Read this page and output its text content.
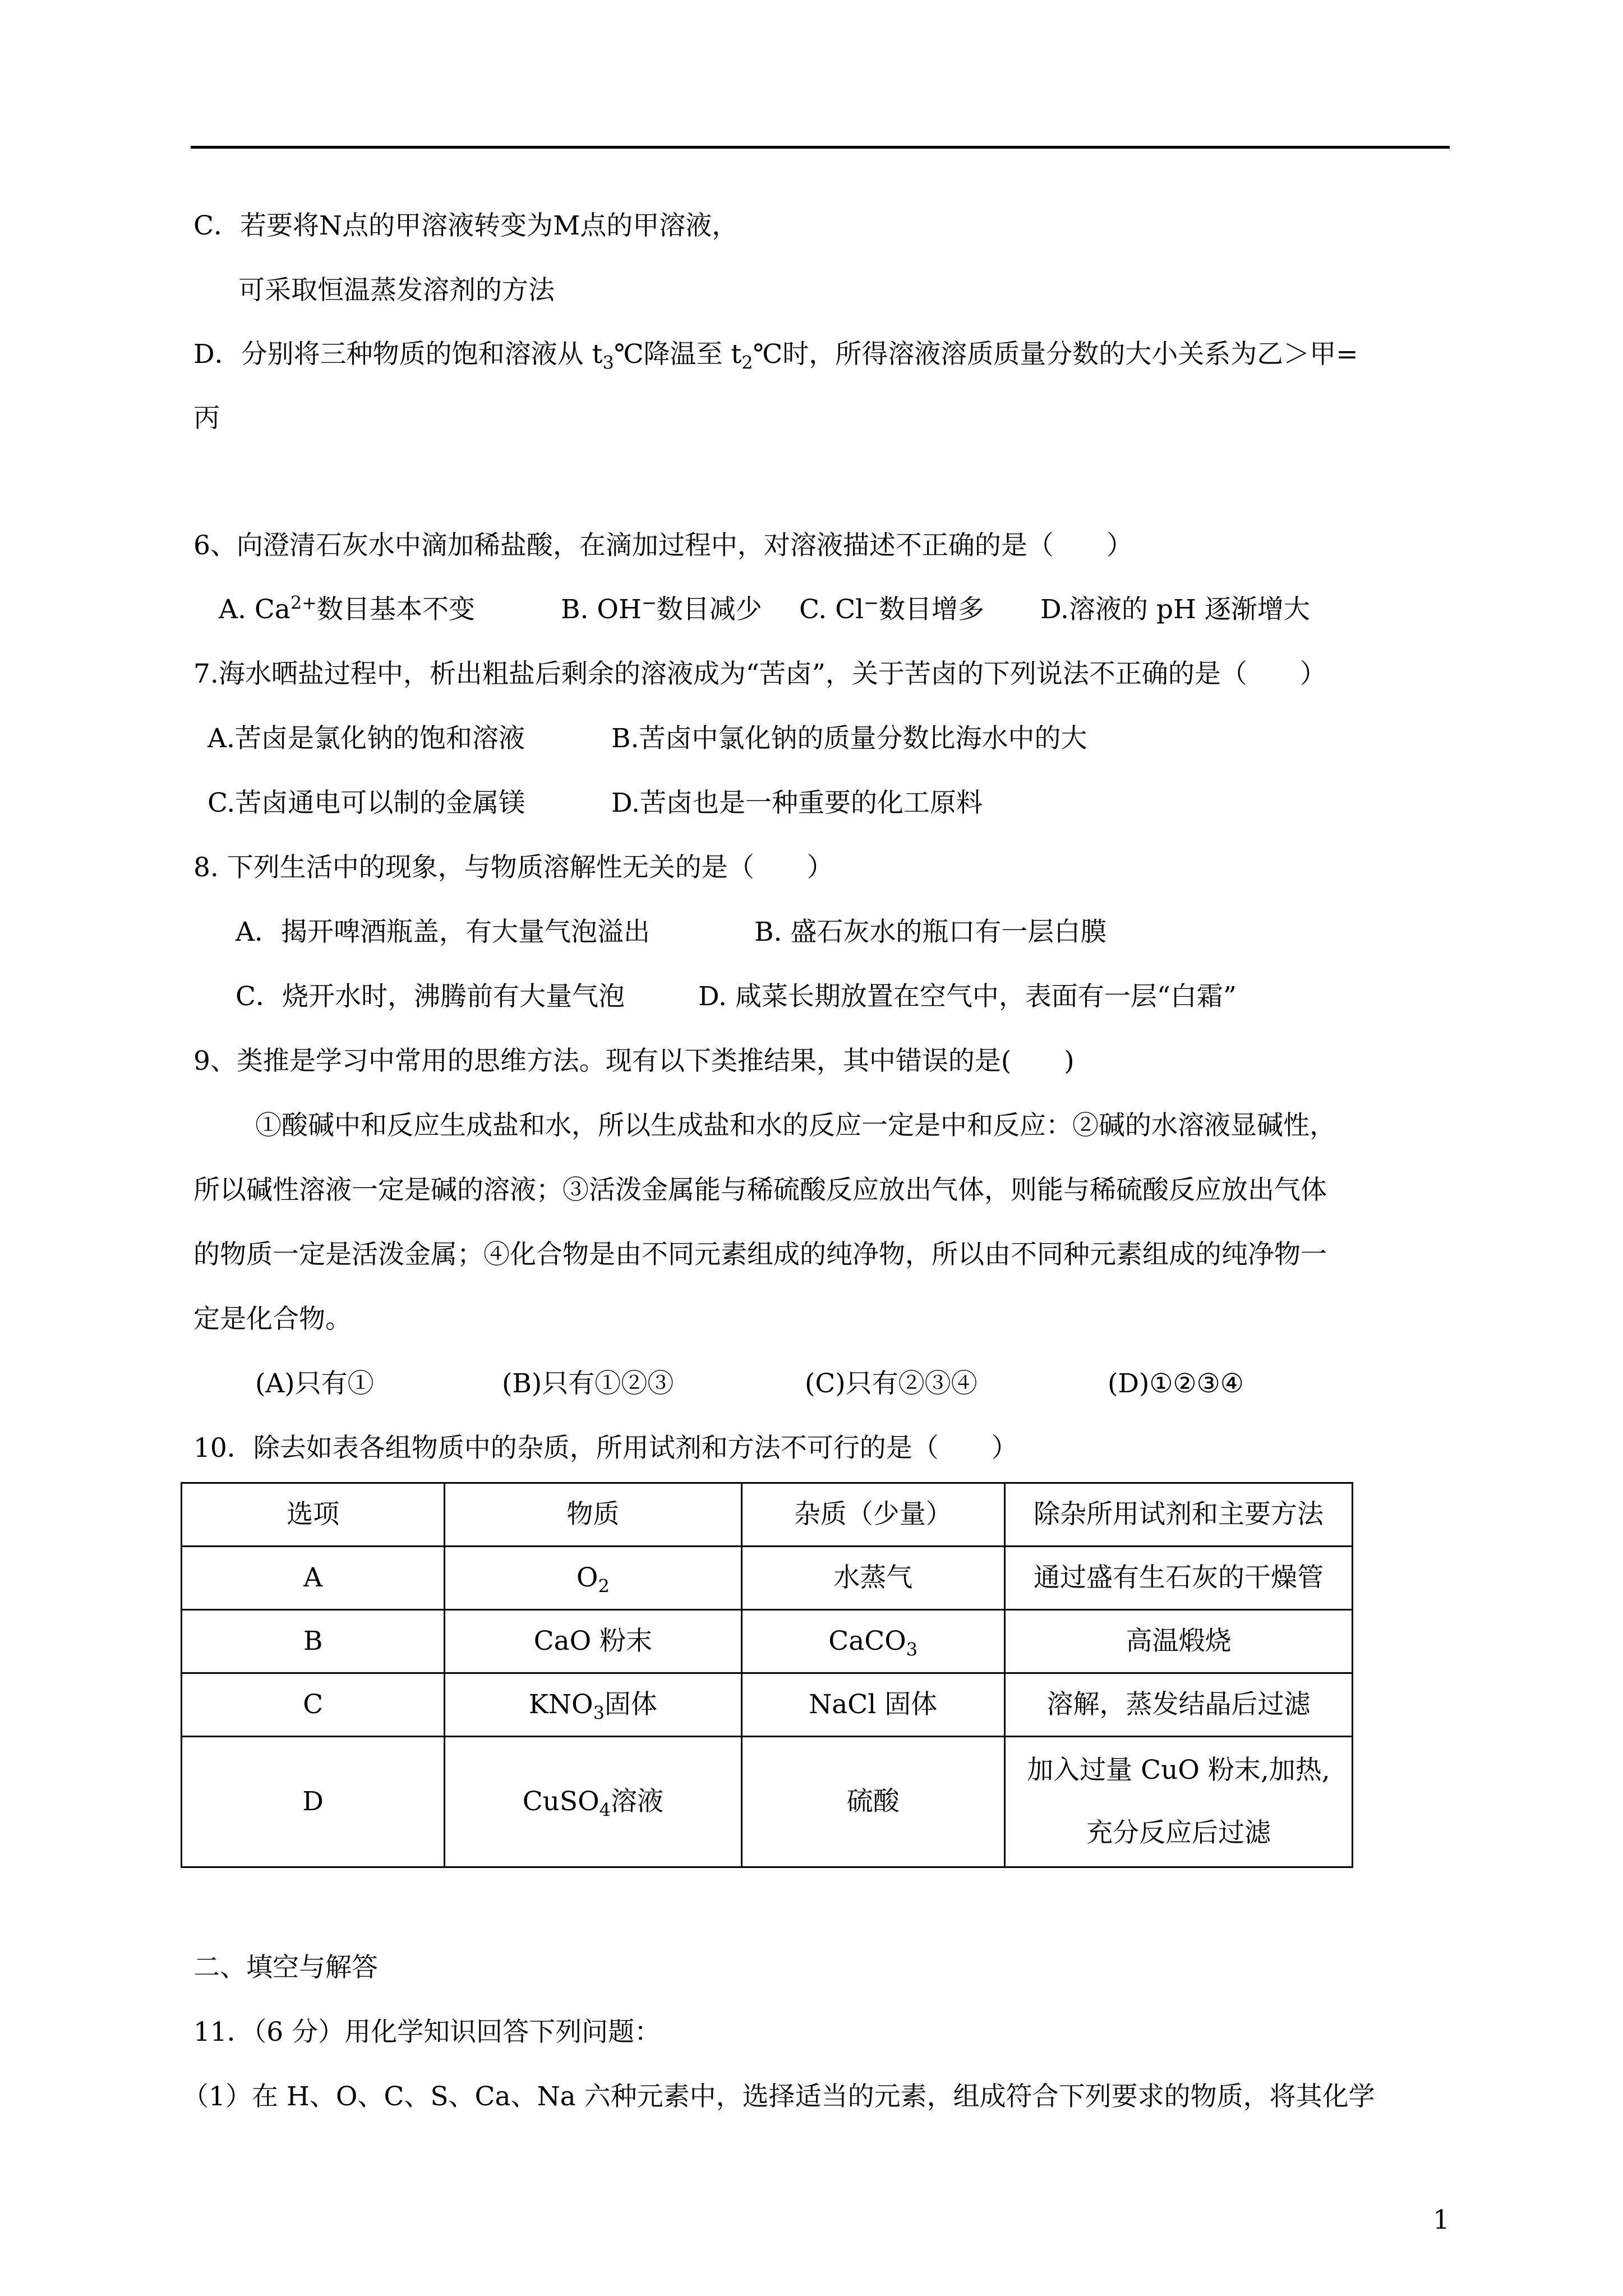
C．若要将N点的甲溶液转变为M点的甲溶液，
可采取恒温蒸发溶剂的方法
D．分别将三种物质的饱和溶液从 $t_3℃$降温至 $t_2℃$时，所得溶液溶质质量分数的大小关系为乙＞甲=
丙
6、向澄清石灰水中滴加稀盐酸，在滴加过程中，对溶液描述不正确的是（　　）
A. $Ca^{2+}$数目基本不变	B. OH−数目减少 C. Cl−数目增多 D.溶液的 pH 逐渐增大
7.海水晒盐过程中，析出粗盐后剩余的溶液成为“苦卤”，关于苦卤的下列说法不正确的是（　　）
A.苦卤是氯化钠的饱和溶液	B.苦卤中氯化钠的质量分数比海水中的大
C.苦卤通电可以制的金属镁	D.苦卤也是一种重要的化工原料
8. 下列生活中的现象，与物质溶解性无关的是（　　）
A．揭开啤酒瓶盖，有大量气泡溢出	B. 盛石灰水的瓶口有一层白膜
C．烧开水时，沸腾前有大量气泡	D. 咸菜长期放置在空气中，表面有一层“白霜”
9、类推是学习中常用的思维方法。现有以下类推结果，其中错误的是(　　)
①酸碱中和反应生成盐和水，所以生成盐和水的反应一定是中和反应：②碱的水溶液显碱性，
所以碱性溶液一定是碱的溶液；③活泼金属能与稀硫酸反应放出气体，则能与稀硫酸反应放出气体
的物质一定是活泼金属；④化合物是由不同元素组成的纯净物，所以由不同种元素组成的纯净物一
定是化合物。
(A)只有①	(B)只有①②③	(C)只有②③④	(D)①②③④
10．除去如表各组物质中的杂质，所用试剂和方法不可行的是（　　）
选项	物质	杂质（少量）	除杂所用试剂和主要方法
A	$O_2$	水蒸气	通过盛有生石灰的干燥管
B	CaO 粉末	CaCO$_3$	高温煅烧
C	$KNO_3$固体	NaCl 固体	溶解，蒸发结晶后过滤
D	CuSO$_4$溶液	硫酸	加入过量 CuO 粉末,加热,
充分反应后过滤
二、填空与解答
11．（6 分）用化学知识回答下列问题：
（1）在 H、O、C、S、Ca、Na 六种元素中，选择适当的元素，组成符合下列要求的物质，将其化学
1
